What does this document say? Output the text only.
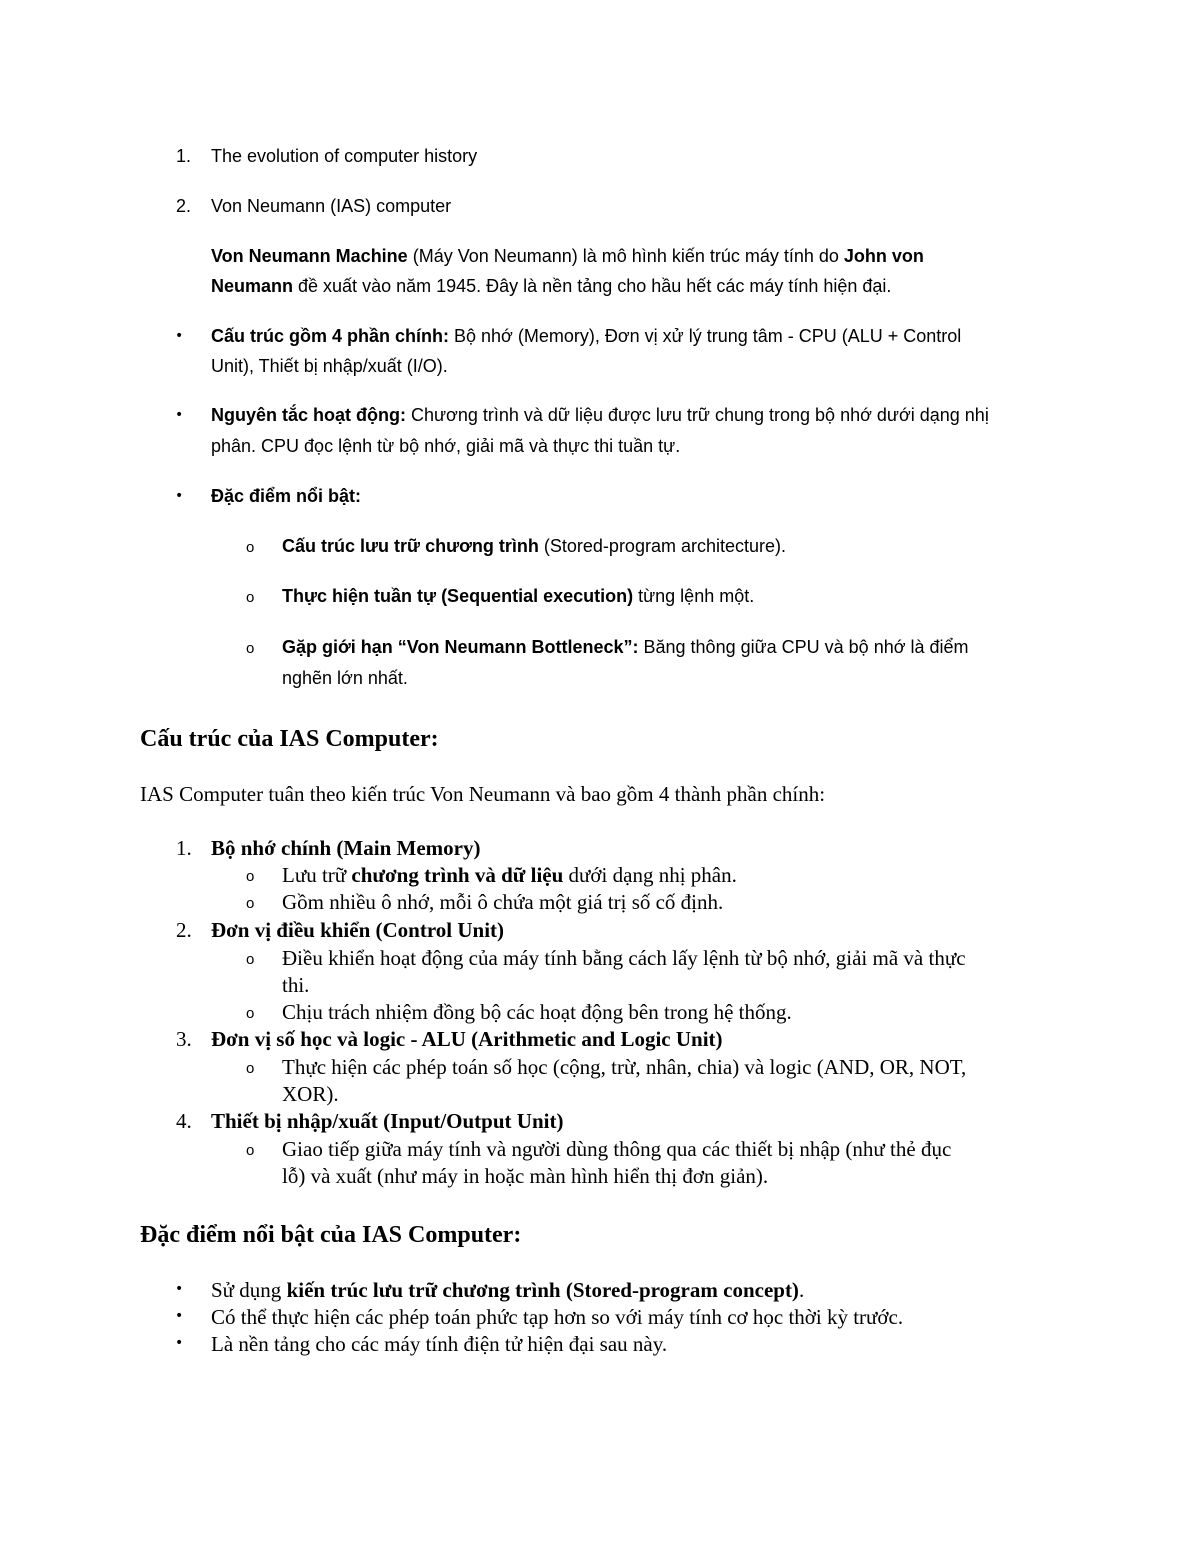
1. The evolution of computer history
2. Von Neumann (IAS) computer
Von Neumann Machine (Máy Von Neumann) là mô hình kiến trúc máy tính do John von
Neumann đề xuất vào năm 1945. Đây là nền tảng cho hầu hết các máy tính hiện đại.
• Cấu trúc gồm 4 phần chính: Bộ nhớ (Memory), Đơn vị xử lý trung tâm - CPU (ALU + Control
Unit), Thiết bị nhập/xuất (I/O).
• Nguyên tắc hoạt động: Chương trình và dữ liệu được lưu trữ chung trong bộ nhớ dưới dạng nhị
phân. CPU đọc lệnh từ bộ nhớ, giải mã và thực thi tuần tự.
• Đặc điểm nổi bật:
o Cấu trúc lưu trữ chương trình (Stored-program architecture).
o Thực hiện tuần tự (Sequential execution) từng lệnh một.
o Gặp giới hạn “Von Neumann Bottleneck”: Băng thông giữa CPU và bộ nhớ là điểm
nghẽn lớn nhất.
Cấu trúc của IAS Computer:
IAS Computer tuân theo kiến trúc Von Neumann và bao gồm 4 thành phần chính:
1. Bộ nhớ chính (Main Memory)
o Lưu trữ chương trình và dữ liệu dưới dạng nhị phân.
o Gồm nhiều ô nhớ, mỗi ô chứa một giá trị số cố định.
2. Đơn vị điều khiển (Control Unit)
o Điều khiển hoạt động của máy tính bằng cách lấy lệnh từ bộ nhớ, giải mã và thực
thi.
o Chịu trách nhiệm đồng bộ các hoạt động bên trong hệ thống.
3. Đơn vị số học và logic - ALU (Arithmetic and Logic Unit)
o Thực hiện các phép toán số học (cộng, trừ, nhân, chia) và logic (AND, OR, NOT,
XOR).
4. Thiết bị nhập/xuất (Input/Output Unit)
o Giao tiếp giữa máy tính và người dùng thông qua các thiết bị nhập (như thẻ đục
lỗ) và xuất (như máy in hoặc màn hình hiển thị đơn giản).
Đặc điểm nổi bật của IAS Computer:
• Sử dụng kiến trúc lưu trữ chương trình (Stored-program concept).
• Có thể thực hiện các phép toán phức tạp hơn so với máy tính cơ học thời kỳ trước.
• Là nền tảng cho các máy tính điện tử hiện đại sau này.
